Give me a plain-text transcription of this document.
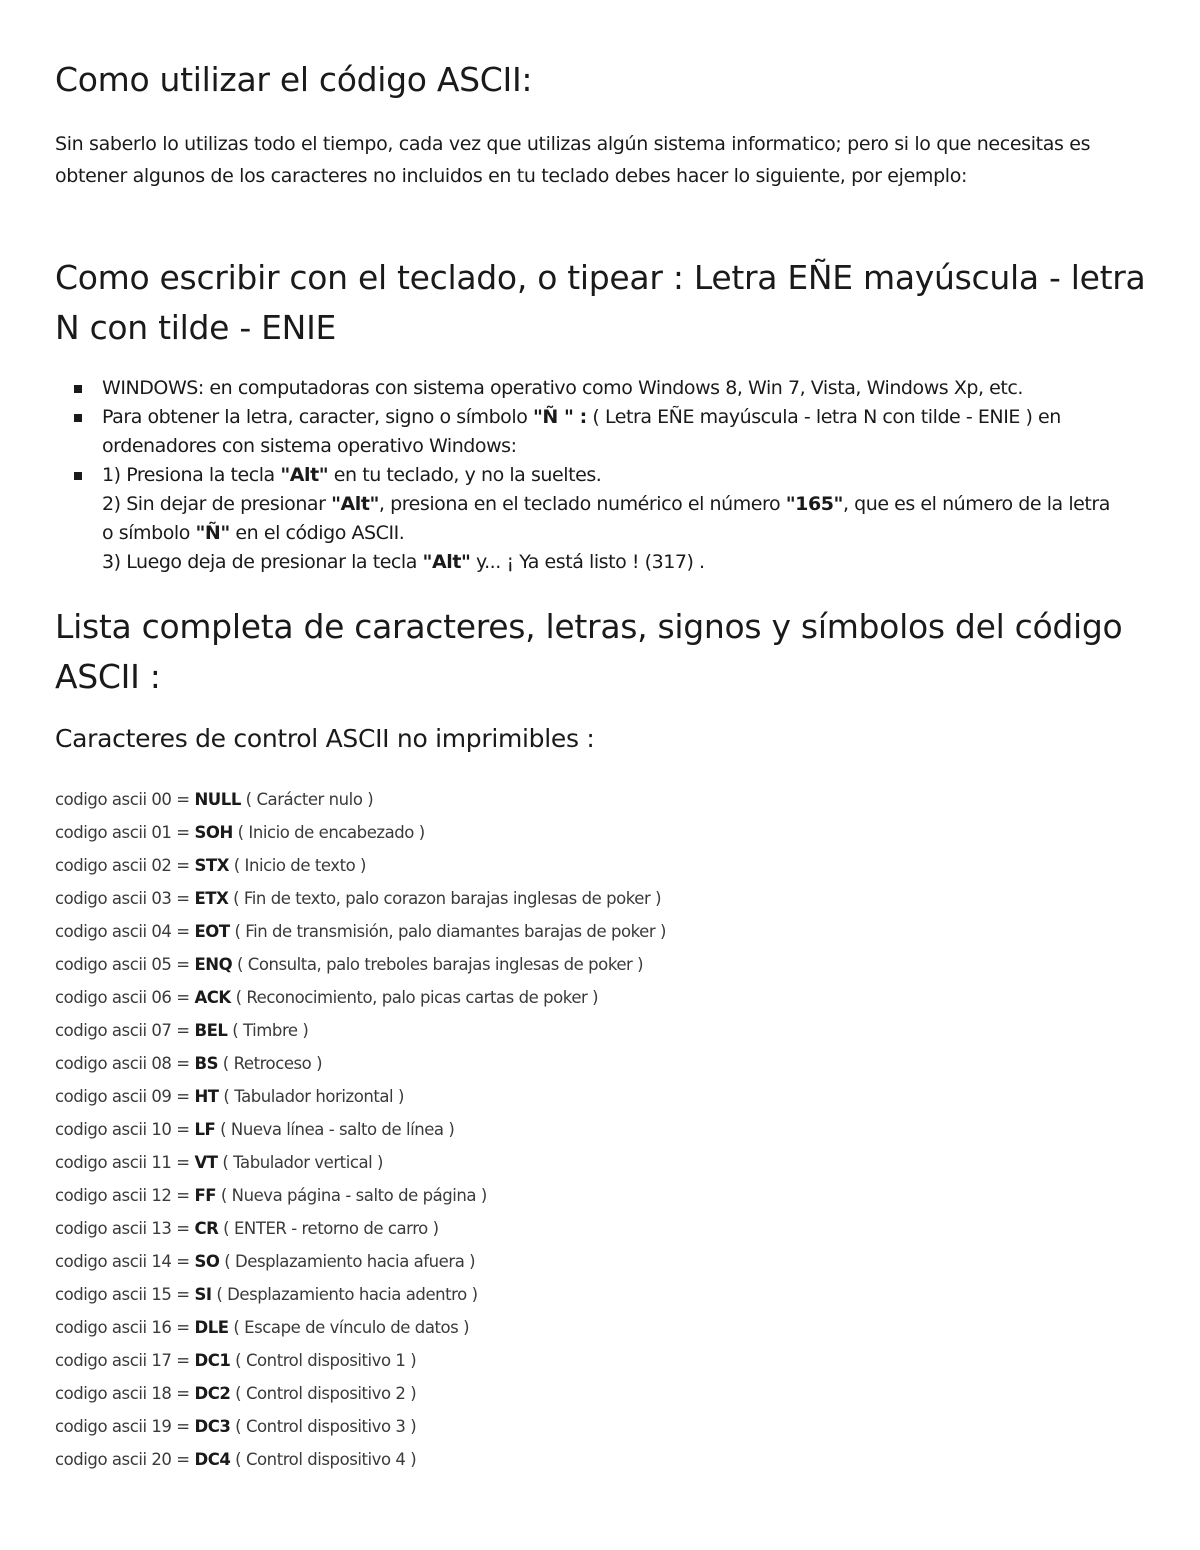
Como utilizar el código ASCII:

Sin saberlo lo utilizas todo el tiempo, cada vez que utilizas algún sistema informatico; pero si lo que necesitas es obtener algunos de los caracteres no incluidos en tu teclado debes hacer lo siguiente, por ejemplo:

Como escribir con el teclado, o tipear : Letra EÑE mayúscula - letra N con tilde - ENIE
WINDOWS: en computadoras con sistema operativo como Windows 8, Win 7, Vista, Windows Xp, etc.
Para obtener la letra, caracter, signo o símbolo "Ñ " : ( Letra EÑE mayúscula - letra N con tilde - ENIE ) en ordenadores con sistema operativo Windows:
1) Presiona la tecla "Alt" en tu teclado, y no la sueltes.
2) Sin dejar de presionar "Alt", presiona en el teclado numérico el número "165", que es el número de la letra o símbolo "Ñ" en el código ASCII.
3) Luego deja de presionar la tecla "Alt" y... ¡ Ya está listo ! (317) .
Lista completa de caracteres, letras, signos y símbolos del código ASCII :
Caracteres de control ASCII no imprimibles :
codigo ascii 00 = NULL ( Carácter nulo )
codigo ascii 01 = SOH ( Inicio de encabezado )
codigo ascii 02 = STX ( Inicio de texto )
codigo ascii 03 = ETX ( Fin de texto, palo corazon barajas inglesas de poker )
codigo ascii 04 = EOT ( Fin de transmisión, palo diamantes barajas de poker )
codigo ascii 05 = ENQ ( Consulta, palo treboles barajas inglesas de poker )
codigo ascii 06 = ACK ( Reconocimiento, palo picas cartas de poker )
codigo ascii 07 = BEL ( Timbre )
codigo ascii 08 = BS ( Retroceso )
codigo ascii 09 = HT ( Tabulador horizontal )
codigo ascii 10 = LF ( Nueva línea - salto de línea )
codigo ascii 11 = VT ( Tabulador vertical )
codigo ascii 12 = FF ( Nueva página - salto de página )
codigo ascii 13 = CR ( ENTER - retorno de carro )
codigo ascii 14 = SO ( Desplazamiento hacia afuera )
codigo ascii 15 = SI ( Desplazamiento hacia adentro )
codigo ascii 16 = DLE ( Escape de vínculo de datos )
codigo ascii 17 = DC1 ( Control dispositivo 1 )
codigo ascii 18 = DC2 ( Control dispositivo 2 )
codigo ascii 19 = DC3 ( Control dispositivo 3 )
codigo ascii 20 = DC4 ( Control dispositivo 4 )
